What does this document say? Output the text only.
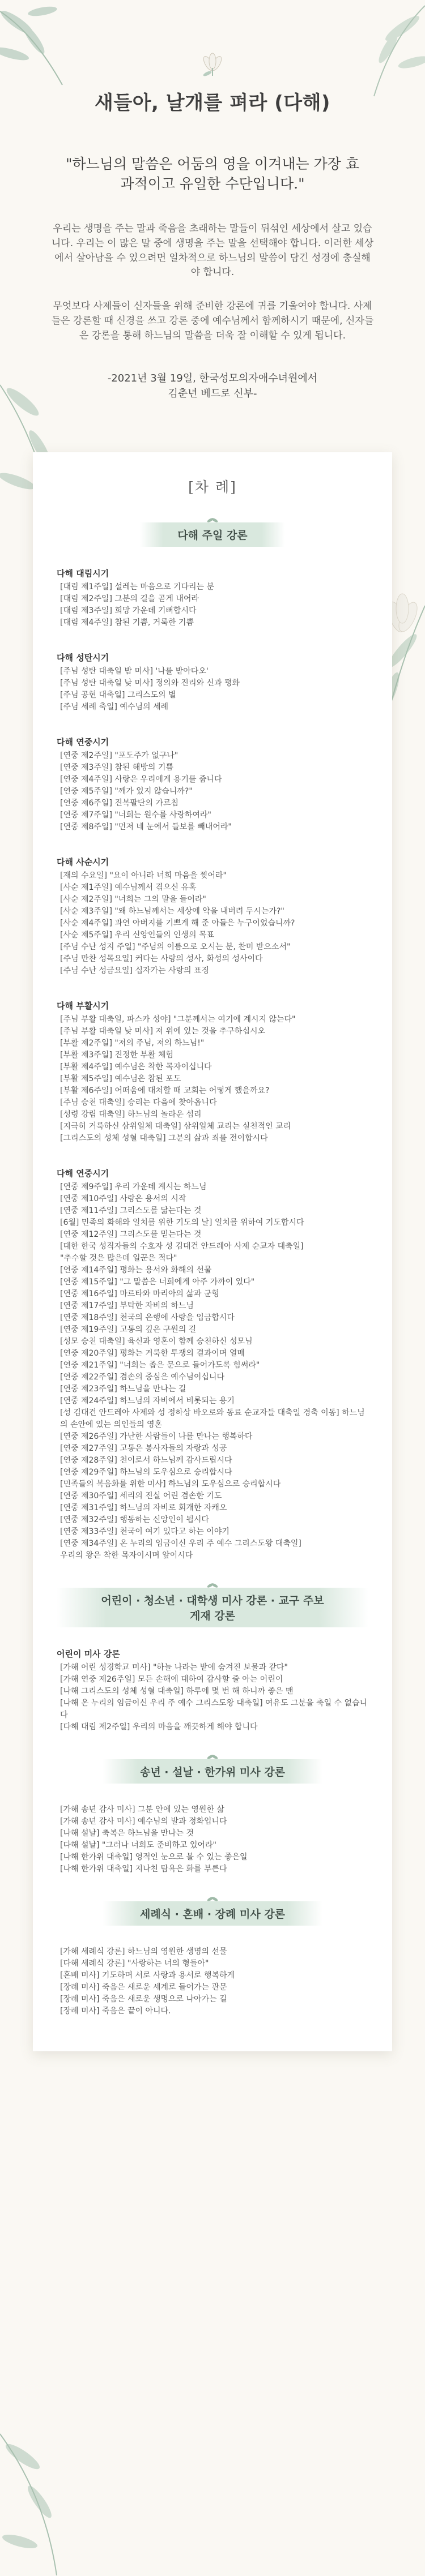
새들아, 날개를 펴라 (다해)

"하느님의 말씀은 어둠의 영을 이겨내는 가장 효과적이고 유일한 수단입니다."

우리는 생명을 주는 말과 죽음을 초래하는 말들이 뒤섞인 세상에서 살고 있습니다. 우리는 이 많은 말 중에 생명을 주는 말을 선택해야 합니다. 이러한 세상에서 살아남을 수 있으려면 일차적으로 하느님의 말씀이 담긴 성경에 충실해야 합니다.

무엇보다 사제들이 신자들을 위해 준비한 강론에 귀를 기울여야 합니다. 사제들은 강론할 때 신경을 쓰고 강론 중에 예수님께서 함께하시기 때문에, 신자들은 강론을 통해 하느님의 말씀을 더욱 잘 이해할 수 있게 됩니다.

-2021년 3월 19일, 한국성모의자애수녀원에서
김춘년 베드로 신부-
[차 례]
다해 주일 강론
다해 대림시기
[대림 제1주일] 설레는 마음으로 기다리는 분
[대림 제2주일] 그분의 길을 곧게 내어라
[대림 제3주일] 희망 가운데 기뻐합시다
[대림 제4주일] 참된 기쁨, 거룩한 기쁨
다해 성탄시기
[주님 성탄 대축일 밤 미사] '나를 받아다오'
[주님 성탄 대축일 낮 미사] 정의와 진리와 신과 평화
[주님 공현 대축일] 그리스도의 별
[주님 세례 축일] 예수님의 세례
다해 연중시기
[연중 제2주일] "포도주가 없구나"
[연중 제3주일] 참된 해방의 기쁨
[연중 제4주일] 사랑은 우리에게 용기를 줍니다
[연중 제5주일] "깨가 있지 않습니까?"
[연중 제6주일] 진복팔단의 가르침
[연중 제7주일] "너희는 원수를 사랑하여라"
[연중 제8주일] "먼저 네 눈에서 들보를 빼내어라"
다해 사순시기
[재의 수요일] "요이 아니라 너희 마음을 찢어라"
[사순 제1주일] 예수님께서 겪으신 유혹
[사순 제2주일] "너희는 그의 말을 들어라"
[사순 제3주일] "왜 하느님께서는 세상에 악을 내버려 두시는가?"
[사순 제4주일] 과연 아버지를 기쁘게 해 준 아들은 누구이었습니까?
[사순 제5주일] 우리 신앙인들의 인생의 목표
[주님 수난 성지 주일] "주님의 이름으로 오시는 분, 찬미 받으소서"
[주님 만찬 성목요일] 커다는 사랑의 성사, 화성의 성사이다
[주님 수난 성금요일] 십자가는 사랑의 표징
다해 부활시기
[주님 부활 대축일, 파스카 성야] "그분께서는 여기에 계시지 않는다"
[주님 부활 대축일 낮 미사] 저 위에 있는 것을 추구하십시오
[부활 제2주일] "저의 주님, 저의 하느님!"
[부활 제3주일] 진정한 부활 체험
[부활 제4주일] 예수님은 착한 목자이십니다
[부활 제5주일] 예수님은 참된 포도
[부활 제6주일] 어떠움에 대처할 때 교회는 어떻게 했을까요?
[주님 승천 대축일] 승리는 다음에 찾아옵니다
[성령 강림 대축일] 하느님의 놀라운 섭리
[지극히 거룩하신 삼위일체 대축일] 삼위일체 교리는 실천적인 교리
[그리스도의 성체 성혈 대축일] 그분의 삶과 죄를 전이합시다
다해 연중시기
[연중 제9주일] 우리 가운데 계시는 하느님
[연중 제10주일] 사랑은 용서의 시작
[연중 제11주일] 그리스도를 닮는다는 것
[6월] 민족의 화해와 일치를 위한 기도의 날] 일치를 위하여 기도합시다
[연중 제12주일] 그리스도를 믿는다는 것
[대한 한국 성직자들의 수호자 성 김대건 안드레아 사제 순교자 대축일]
"추수할 것은 많은데 일꾼은 적다"
[연중 제14주일] 평화는 용서와 화해의 선물
[연중 제15주일] "그 말씀은 너희에게 아주 가까이 있다"
[연중 제16주일] 마르타와 마리아의 삶과 균형
[연중 제17주일] 부탁한 자비의 하느님
[연중 제18주일] 천국의 은행에 사랑을 입금합시다
[연중 제19주일] 고통의 깊은 구원의 길
[성모 승천 대축일] 육신과 영혼이 함께 승천하신 성모님
[연중 제20주일] 평화는 거룩한 투쟁의 결과이며 열매
[연중 제21주일] "너희는 좁은 문으로 들어가도록 힘써라"
[연중 제22주일] 겸손의 중심은 예수님이십니다
[연중 제23주일] 하느님을 만나는 길
[연중 제24주일] 하느님의 자비에서 비롯되는 용기
[성 김대건 안드레아 사제와 성 정하상 바오로와 동료 순교자들 대축일 경축 이동] 하느님의 손안에 있는 의인들의 영혼
[연중 제26주일] 가난한 사람들이 나를 만나는 행복하다
[연중 제27주일] 고통은 봉사자들의 자랑과 성공
[연중 제28주일] 천이로서 하느님께 감사드립시다
[연중 제29주일] 하느님의 도우심으로 승리합시다
[민족들의 복음화를 위한 미사] 하느님의 도우심으로 승리합시다
[연중 제30주일] 세리의 진실 어린 겸손한 기도
[연중 제31주일] 하느님의 자비로 회개한 자캐오
[연중 제32주일] 행동하는 신앙인이 됩시다
[연중 제33주일] 천국이 여기 있다고 하는 이야기
[연중 제34주일] 온 누리의 임금이신 우리 주 예수 그리스도왕 대축일]
우리의 왕은 착한 목자이시며 앞이시다
어린이 · 청소년 · 대학생 미사 강론 · 교구 주보 게재 강론
어린이 미사 강론
[가해 어린 성경학교 미사] "하늘 나라는 밭에 숨겨진 보물과 같다"
[가해 연중 제26주일] 모든 손해에 대하여 감사할 줄 아는 어린이
[나해 그리스도의 성체 성혈 대축일] 하루에 몇 번 해 하니까 좋은 맨
[나해 온 누리의 임금이신 우리 주 예수 그리스도왕 대축일] 여유도 그분을 축일 수 없습니다
[다해 대림 제2주일] 우리의 마음을 깨끗하게 해야 합니다
송년 · 설날 · 한가위 미사 강론
[가해 송년 감사 미사] 그분 안에 있는 영원한 삶
[가해 송년 감사 미사] 예수님의 발과 정화입니다
[나해 설날] 축복은 하느님을 만나는 것
[다해 설날] "그러나 너희도 준비하고 있어라"
[나해 한가위 대축일] 영적인 눈으로 볼 수 있는 좋은일
[나해 한가위 대축일] 지나친 탐욕은 화를 부른다
세례식 · 혼배 · 장례 미사 강론
[가해 세례식 강론] 하느님의 영원한 생명의 선물
[다해 세례식 강론] "사랑하는 너의 형들아"
[혼배 미사] 기도하며 서로 사랑과 용서로 행복하게
[장례 미사] 죽음은 새로운 세계로 들어가는 관문
[장례 미사] 죽음은 새로운 생명으로 나아가는 길
[장례 미사] 죽음은 끝이 아니다.
